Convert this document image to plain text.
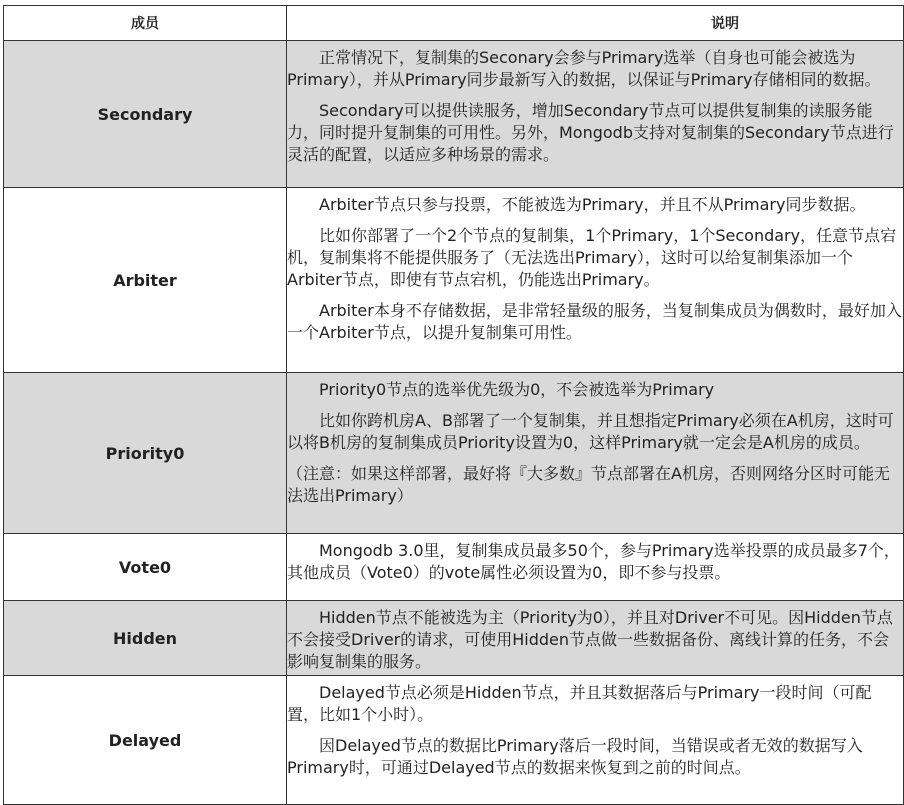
成员	说明
Secondary	正常情况下，复制集的Seconary会参与Primary选举（自身也可能会被选为Primary），并从Primary同步最新写入的数据，以保证与Primary存储相同的数据。

Secondary可以提供读服务，增加Secondary节点可以提供复制集的读服务能力，同时提升复制集的可用性。另外，Mongodb支持对复制集的Secondary节点进行灵活的配置，以适应多种场景的需求。

Arbiter	Arbiter节点只参与投票，不能被选为Primary，并且不从Primary同步数据。

比如你部署了一个2个节点的复制集，1个Primary，1个Secondary，任意节点宕机，复制集将不能提供服务了（无法选出Primary），这时可以给复制集添加一个Arbiter节点，即使有节点宕机，仍能选出Primary。

Arbiter本身不存储数据，是非常轻量级的服务，当复制集成员为偶数时，最好加入一个Arbiter节点，以提升复制集可用性。

Priority0	Priority0节点的选举优先级为0，不会被选举为Primary

比如你跨机房A、B部署了一个复制集，并且想指定Primary必须在A机房，这时可以将B机房的复制集成员Priority设置为0，这样Primary就一定会是A机房的成员。

（注意：如果这样部署，最好将『大多数』节点部署在A机房，否则网络分区时可能无法选出Primary）

Vote0	Mongodb 3.0里，复制集成员最多50个，参与Primary选举投票的成员最多7个，其他成员（Vote0）的vote属性必须设置为0，即不参与投票。

Hidden	Hidden节点不能被选为主（Priority为0），并且对Driver不可见。因Hidden节点不会接受Driver的请求，可使用Hidden节点做一些数据备份、离线计算的任务，不会影响复制集的服务。

Delayed	Delayed节点必须是Hidden节点，并且其数据落后与Primary一段时间（可配置，比如1个小时）。

因Delayed节点的数据比Primary落后一段时间，当错误或者无效的数据写入Primary时，可通过Delayed节点的数据来恢复到之前的时间点。
